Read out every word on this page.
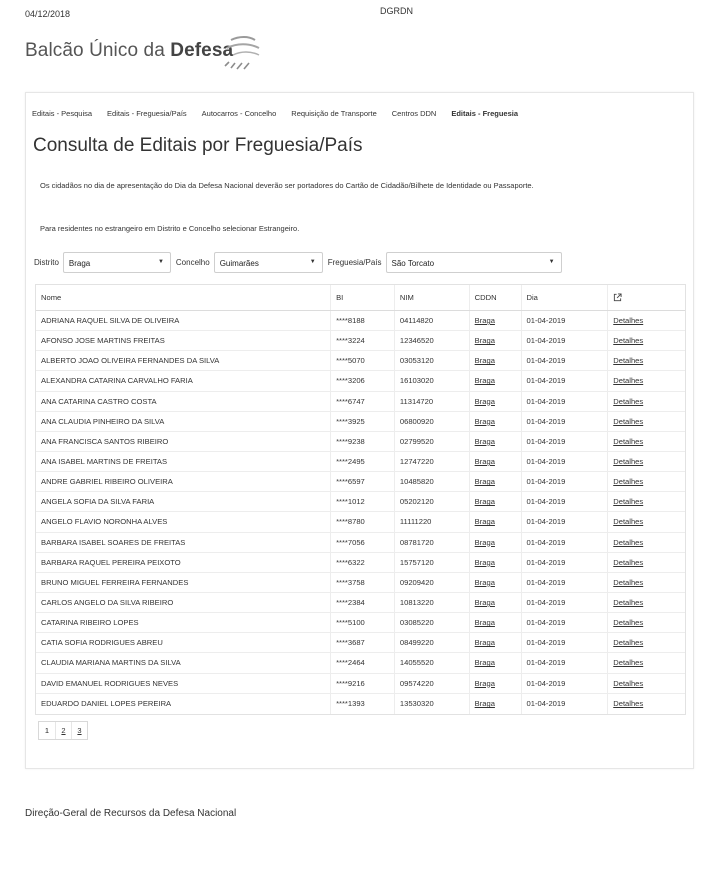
04/12/2018	DGRDN
Balcão Único da Defesa
Editais - Pesquisa Editais - Freguesia/País Autocarros - Concelho Requisição de Transporte Centros DDN Editais - Freguesia
Consulta de Editais por Freguesia/País
Os cidadãos no dia de apresentação do Dia da Defesa Nacional deverão ser portadores do Cartão de Cidadão/Bilhete de Identidade ou Passaporte.
Para residentes no estrangeiro em Distrito e Concelho selecionar Estrangeiro.
Distrito	Braga	▼ Concelho	Guimarães	▼ Freguesia/País	São Torcato	▼
Nome	BI	NIM	CDDN	Dia
ADRIANA RAQUEL SILVA DE OLIVEIRA	****8188	04114820	Braga	01-04-2019	Detalhes
AFONSO JOSE MARTINS FREITAS	****3224	12346520	Braga	01-04-2019	Detalhes
ALBERTO JOAO OLIVEIRA FERNANDES DA SILVA	****5070	03053120	Braga	01-04-2019	Detalhes
ALEXANDRA CATARINA CARVALHO FARIA	****3206	16103020	Braga	01-04-2019	Detalhes
ANA CATARINA CASTRO COSTA	****6747	11314720	Braga	01-04-2019	Detalhes
ANA CLAUDIA PINHEIRO DA SILVA	****3925	06800920	Braga	01-04-2019	Detalhes
ANA FRANCISCA SANTOS RIBEIRO	****9238	02799520	Braga	01-04-2019	Detalhes
ANA ISABEL MARTINS DE FREITAS	****2495	12747220	Braga	01-04-2019	Detalhes
ANDRE GABRIEL RIBEIRO OLIVEIRA	****6597	10485820	Braga	01-04-2019	Detalhes
ANGELA SOFIA DA SILVA FARIA	****1012	05202120	Braga	01-04-2019	Detalhes
ANGELO FLAVIO NORONHA ALVES	****8780	11111220	Braga	01-04-2019	Detalhes
BARBARA ISABEL SOARES DE FREITAS	****7056	08781720	Braga	01-04-2019	Detalhes
BARBARA RAQUEL PEREIRA PEIXOTO	****6322	15757120	Braga	01-04-2019	Detalhes
BRUNO MIGUEL FERREIRA FERNANDES	****3758	09209420	Braga	01-04-2019	Detalhes
CARLOS ANGELO DA SILVA RIBEIRO	****2384	10813220	Braga	01-04-2019	Detalhes
CATARINA RIBEIRO LOPES	****5100	03085220	Braga	01-04-2019	Detalhes
CATIA SOFIA RODRIGUES ABREU	****3687	08499220	Braga	01-04-2019	Detalhes
CLAUDIA MARIANA MARTINS DA SILVA	****2464	14055520	Braga	01-04-2019	Detalhes
DAVID EMANUEL RODRIGUES NEVES	****9216	09574220	Braga	01-04-2019	Detalhes
EDUARDO DANIEL LOPES PEREIRA	****1393	13530320	Braga	01-04-2019	Detalhes
1	2	3
Direção-Geral de Recursos da Defesa Nacional
